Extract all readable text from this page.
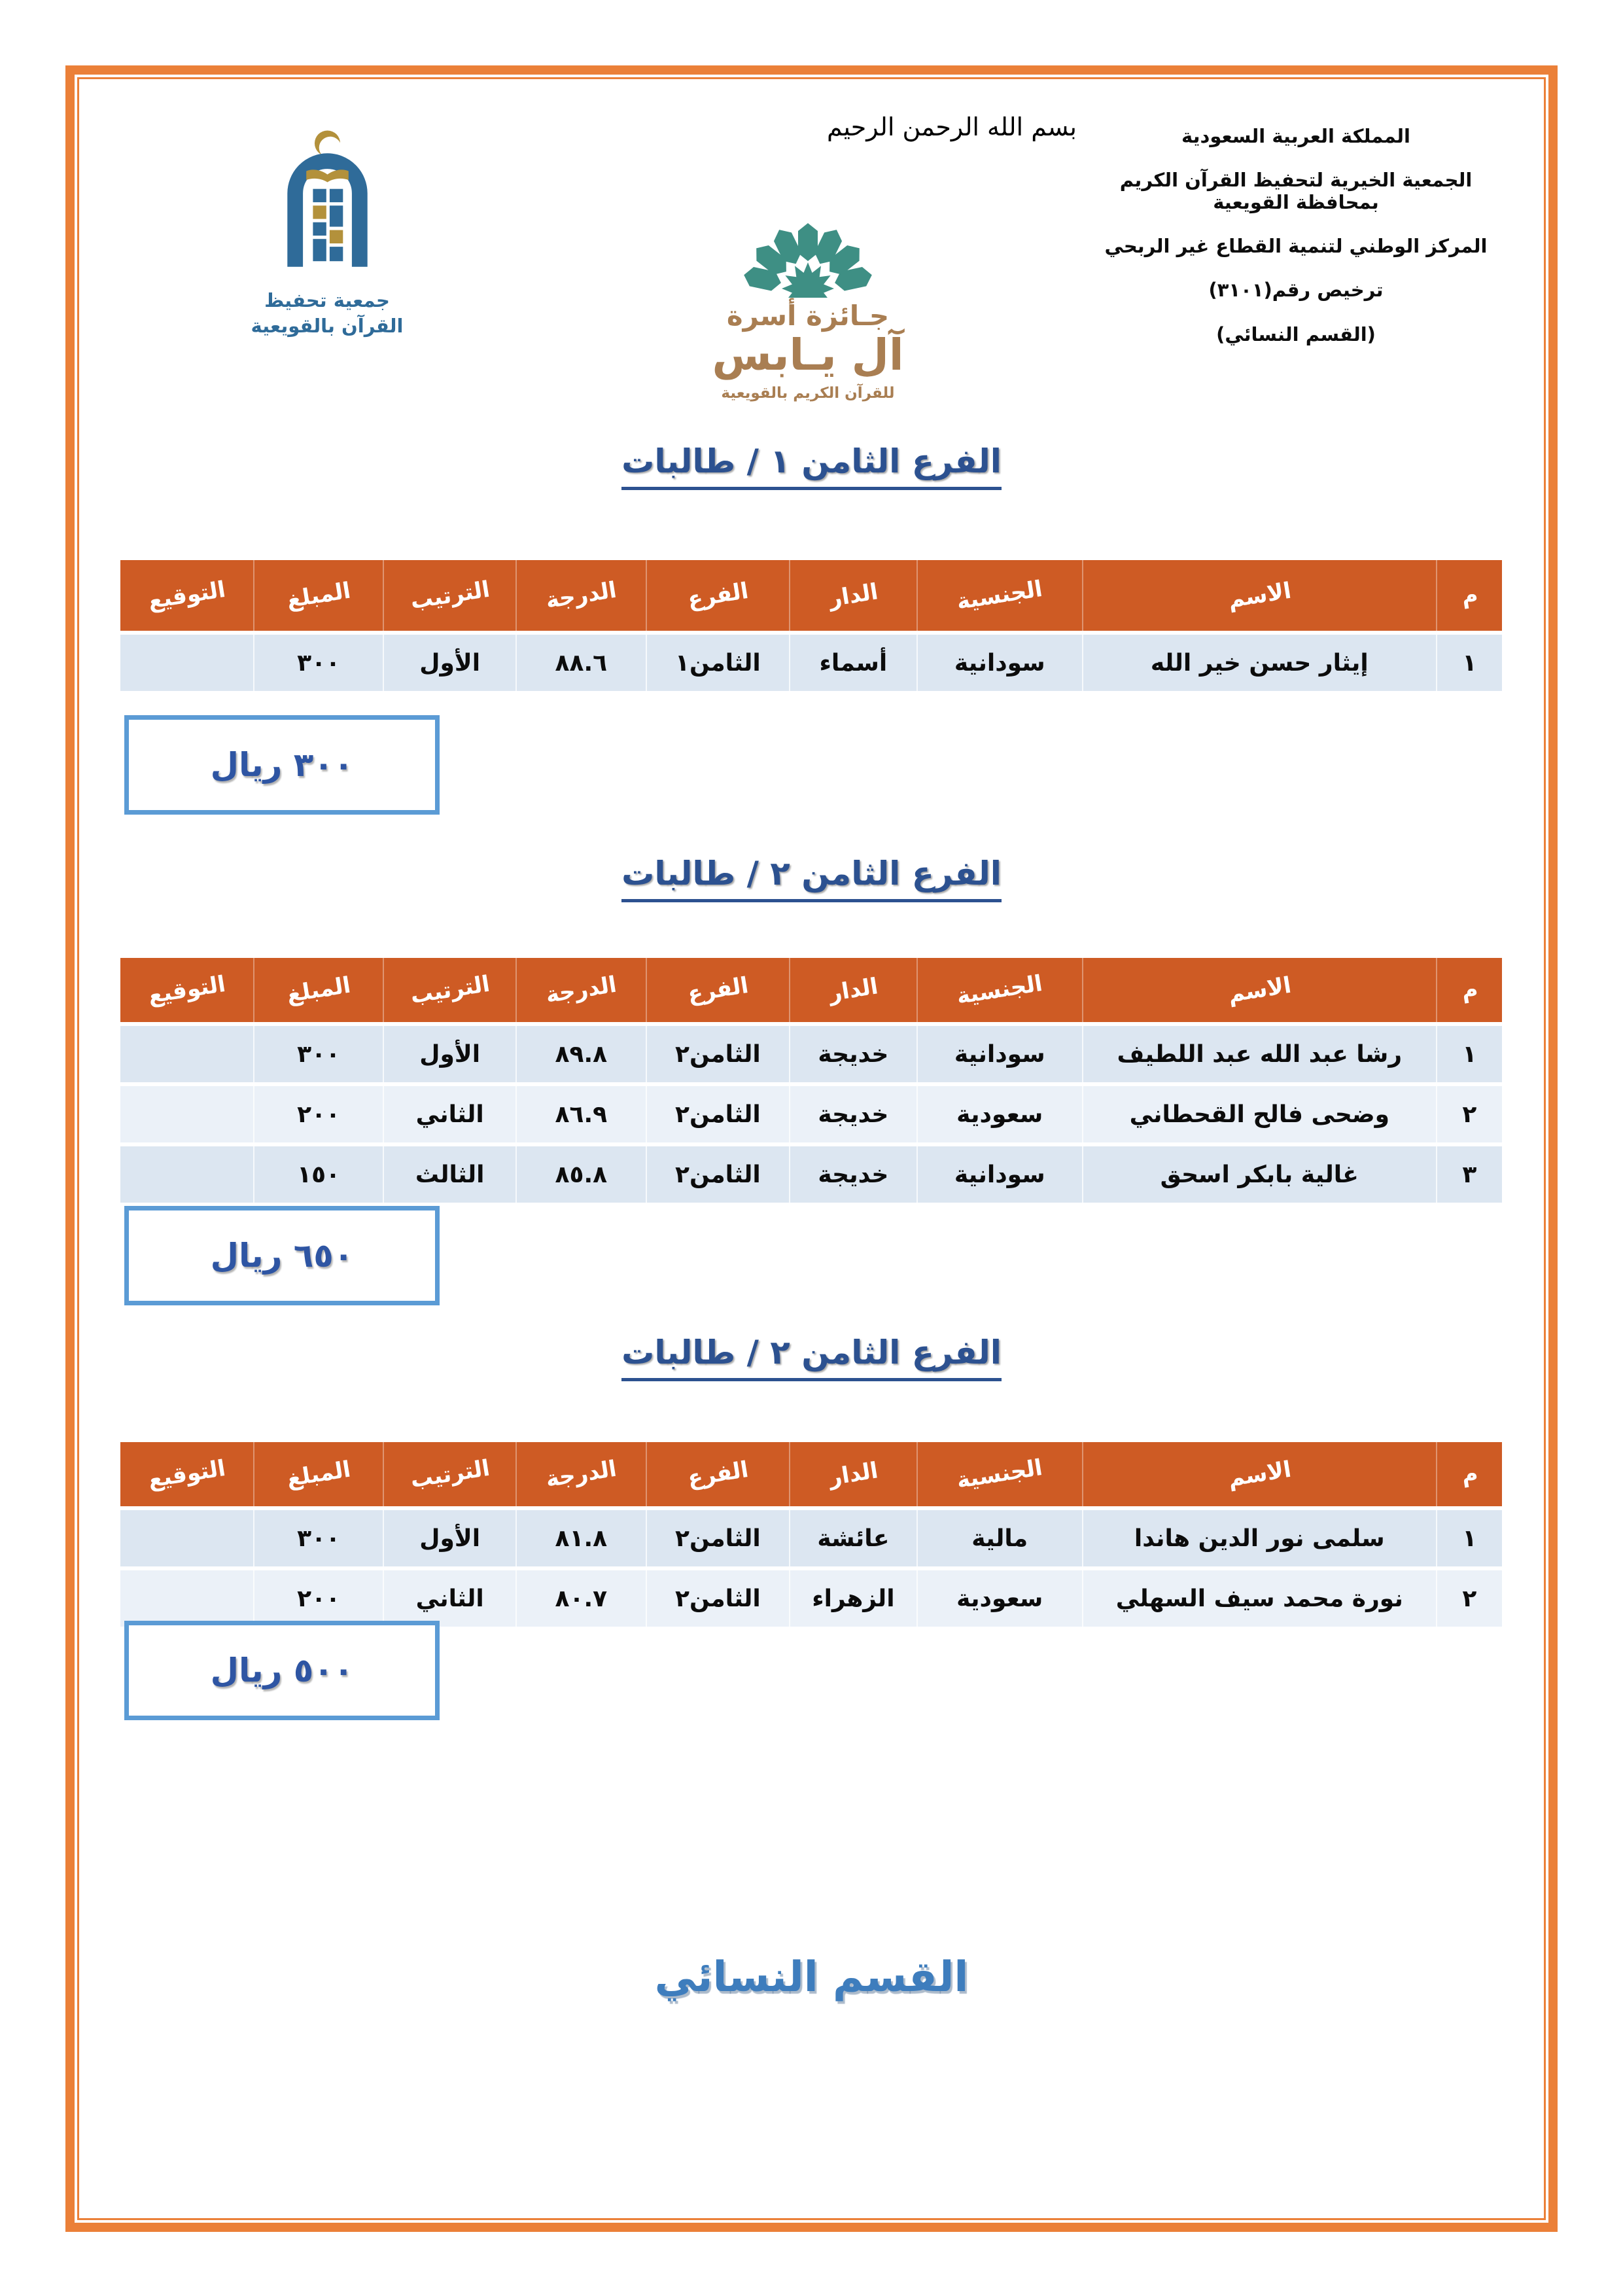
جمعية تحفيظ
القرآن بالقويعية
بسم الله الرحمن الرحيم
جـائزة أسرة
آل يـابس
للقرآن الكريم بالقويعية

المملكة العربية السعودية

الجمعية الخيرية لتحفيظ القرآن الكريم بمحافظة القويعية

المركز الوطني لتنمية القطاع غير الربحي

ترخيص رقم(٣١٠١)

(القسم النسائي)

الفرع الثامن ١ / طالبات
م	الاسم	الجنسية	الدار	الفرع	الدرجة	الترتيب	المبلغ	التوقيع
١	إيثار حسن خير الله	سودانية	أسماء	الثامن١	٨٨.٦	الأول	٣٠٠	
٣٠٠ ريال
الفرع الثامن ٢ / طالبات
م	الاسم	الجنسية	الدار	الفرع	الدرجة	الترتيب	المبلغ	التوقيع
١	رشا عبد الله عبد اللطيف	سودانية	خديجة	الثامن٢	٨٩.٨	الأول	٣٠٠	
٢	وضحى فالح القحطاني	سعودية	خديجة	الثامن٢	٨٦.٩	الثاني	٢٠٠	
٣	غالية بابكر اسحق	سودانية	خديجة	الثامن٢	٨٥.٨	الثالث	١٥٠	
٦٥٠ ريال
الفرع الثامن ٢ / طالبات
م	الاسم	الجنسية	الدار	الفرع	الدرجة	الترتيب	المبلغ	التوقيع
١	سلمى نور الدين هاندا	مالية	عائشة	الثامن٢	٨١.٨	الأول	٣٠٠	
٢	نورة محمد سيف السهلي	سعودية	الزهراء	الثامن٢	٨٠.٧	الثاني	٢٠٠	
٥٠٠ ريال
القسم النسائي
